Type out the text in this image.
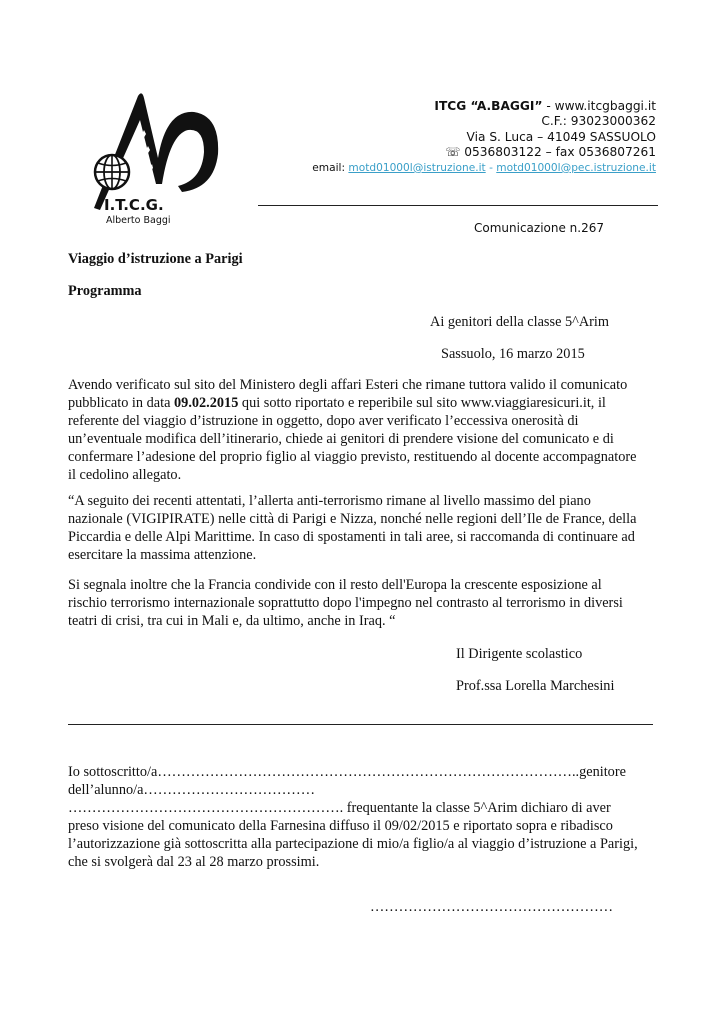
I.T.C.G.
Alberto Baggi
ITCG “A.BAGGI” - www.itcgbaggi.it
C.F.: 93023000362
Via S. Luca – 41049 SASSUOLO
☏ 0536803122 – fax 0536807261
email: motd01000l@istruzione.it - motd01000l@pec.istruzione.it
Comunicazione n.267
Viaggio d’istruzione a Parigi
Programma
Ai genitori della classe 5^Arim
Sassuolo, 16 marzo 2015
Avendo verificato sul sito del Ministero degli affari Esteri che rimane tuttora valido il comunicato
pubblicato in data 09.02.2015 qui sotto riportato e reperibile sul sito www.viaggiaresicuri.it, il
referente del viaggio d’istruzione in oggetto, dopo aver verificato l’eccessiva onerosità di
un’eventuale modifica dell’itinerario, chiede ai genitori di prendere visione del comunicato e di
confermare l’adesione del proprio figlio al viaggio previsto, restituendo al docente accompagnatore
il cedolino allegato.
“A seguito dei recenti attentati, l’allerta anti-terrorismo rimane al livello massimo del piano
nazionale (VIGIPIRATE) nelle città di Parigi e Nizza, nonché nelle regioni dell’Ile de France, della
Piccardia e delle Alpi Marittime. In caso di spostamenti in tali aree, si raccomanda di continuare ad
esercitare la massima attenzione.
Si segnala inoltre che la Francia condivide con il resto dell'Europa la crescente esposizione al
rischio terrorismo internazionale soprattutto dopo l'impegno nel contrasto al terrorismo in diversi
teatri di crisi, tra cui in Mali e, da ultimo, anche in Iraq. “
Il Dirigente scolastico
Prof.ssa Lorella Marchesini
Io sottoscritto/a……………………………………………………………………………..genitore
dell’alunno/a………………………………
…………………………………………………. frequentante la classe 5^Arim dichiaro di aver
preso visione del comunicato della Farnesina diffuso il 09/02/2015 e riportato sopra e ribadisco
l’autorizzazione già sottoscritta alla partecipazione di mio/a figlio/a al viaggio d’istruzione a Parigi,
che si svolgerà dal 23 al 28 marzo prossimi.
……………………………………………
